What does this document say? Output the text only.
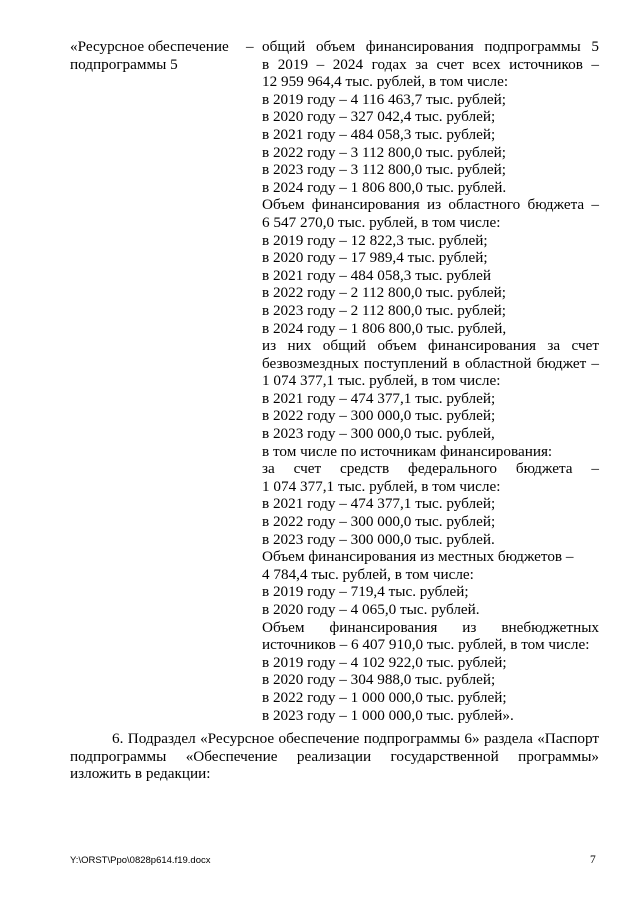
«Ресурсное обеспечение
подпрограммы 5
– общий объем финансирования подпрограммы 5
в 2019 – 2024 годах за счет всех источников –
12 959 964,4 тыс. рублей, в том числе:
в 2019 году – 4 116 463,7 тыс. рублей;
в 2020 году – 327 042,4 тыс. рублей;
в 2021 году – 484 058,3 тыс. рублей;
в 2022 году – 3 112 800,0 тыс. рублей;
в 2023 году – 3 112 800,0 тыс. рублей;
в 2024 году – 1 806 800,0 тыс. рублей.
Объем финансирования из областного бюджета –
6 547 270,0 тыс. рублей, в том числе:
в 2019 году – 12 822,3 тыс. рублей;
в 2020 году – 17 989,4 тыс. рублей;
в 2021 году – 484 058,3 тыс. рублей
в 2022 году – 2 112 800,0 тыс. рублей;
в 2023 году – 2 112 800,0 тыс. рублей;
в 2024 году – 1 806 800,0 тыс. рублей,
из них общий объем финансирования за счет
безвозмездных поступлений в областной бюджет –
1 074 377,1 тыс. рублей, в том числе:
в 2021 году – 474 377,1 тыс. рублей;
в 2022 году – 300 000,0 тыс. рублей;
в 2023 году – 300 000,0 тыс. рублей,
в том числе по источникам финансирования:
за счет средств федерального бюджета –
1 074 377,1 тыс. рублей, в том числе:
в 2021 году – 474 377,1 тыс. рублей;
в 2022 году – 300 000,0 тыс. рублей;
в 2023 году – 300 000,0 тыс. рублей.
Объем финансирования из местных бюджетов –
4 784,4 тыс. рублей, в том числе:
в 2019 году – 719,4 тыс. рублей;
в 2020 году – 4 065,0 тыс. рублей.
Объем финансирования из внебюджетных
источников – 6 407 910,0 тыс. рублей, в том числе:
в 2019 году – 4 102 922,0 тыс. рублей;
в 2020 году – 304 988,0 тыс. рублей;
в 2022 году – 1 000 000,0 тыс. рублей;
в 2023 году – 1 000 000,0 тыс. рублей».
6. Подраздел «Ресурсное обеспечение подпрограммы 6» раздела «Паспорт
подпрограммы «Обеспечение реализации государственной программы»
изложить в редакции:
Y:\ORST\Ppo\0828p614.f19.docx	7
